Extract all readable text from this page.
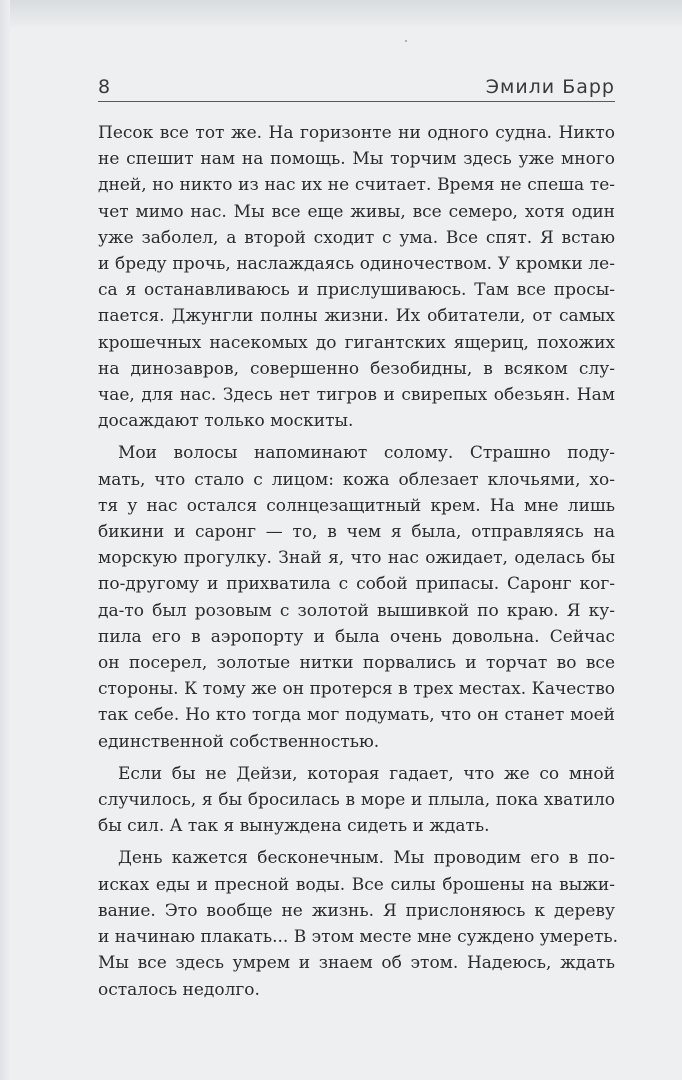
8	Эмили Барр
Песок все тот же. На горизонте ни одного судна. Никто
не спешит нам на помощь. Мы торчим здесь уже много
дней, но никто из нас их не считает. Время не спеша те-
чет мимо нас. Мы все еще живы, все семеро, хотя один
уже заболел, а второй сходит с ума. Все спят. Я встаю
и бреду прочь, наслаждаясь одиночеством. У кромки ле-
са я останавливаюсь и прислушиваюсь. Там все просы-
пается. Джунгли полны жизни. Их обитатели, от самых
крошечных насекомых до гигантских ящериц, похожих
на динозавров, совершенно безобидны, в всяком слу-
чае, для нас. Здесь нет тигров и свирепых обезьян. Нам
досаждают только москиты.
Мои волосы напоминают солому. Страшно поду-
мать, что стало с лицом: кожа облезает клочьями, хо-
тя у нас остался солнцезащитный крем. На мне лишь
бикини и саронг — то, в чем я была, отправляясь на
морскую прогулку. Знай я, что нас ожидает, оделась бы
по-другому и прихватила с собой припасы. Саронг ког-
да-то был розовым с золотой вышивкой по краю. Я ку-
пила его в аэропорту и была очень довольна. Сейчас
он посерел, золотые нитки порвались и торчат во все
стороны. К тому же он протерся в трех местах. Качество
так себе. Но кто тогда мог подумать, что он станет моей
единственной собственностью.
Если бы не Дейзи, которая гадает, что же со мной
случилось, я бы бросилась в море и плыла, пока хватило
бы сил. А так я вынуждена сидеть и ждать.
День кажется бесконечным. Мы проводим его в по-
исках еды и пресной воды. Все силы брошены на выжи-
вание. Это вообще не жизнь. Я прислоняюсь к дереву
и начинаю плакать... В этом месте мне суждено умереть.
Мы все здесь умрем и знаем об этом. Надеюсь, ждать
осталось недолго.
